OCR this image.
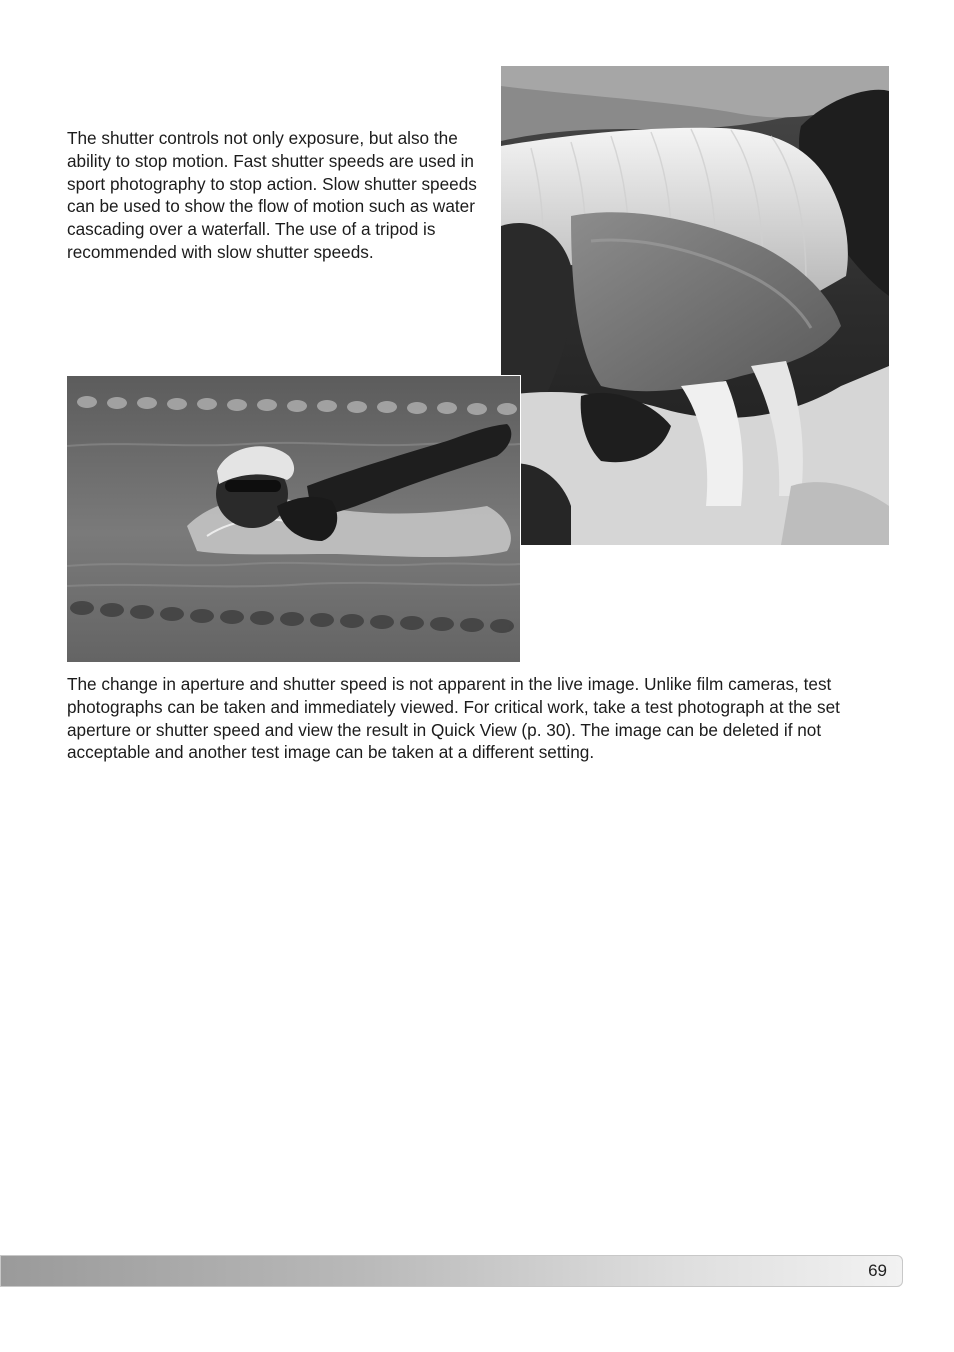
The shutter controls not only exposure, but also the ability to stop motion. Fast shutter speeds are used in sport photography to stop action. Slow shutter speeds can be used to show the flow of motion such as water cascading over a waterfall. The use of a tripod is recommended with slow shutter speeds.

The change in aperture and shutter speed is not apparent in the live image. Unlike film cameras, test photographs can be taken and immediately viewed. For critical work, take a test photograph at the set aperture or shutter speed and view the result in Quick View (p. 30). The image can be deleted if not acceptable and another test image can be taken at a different setting.

69
